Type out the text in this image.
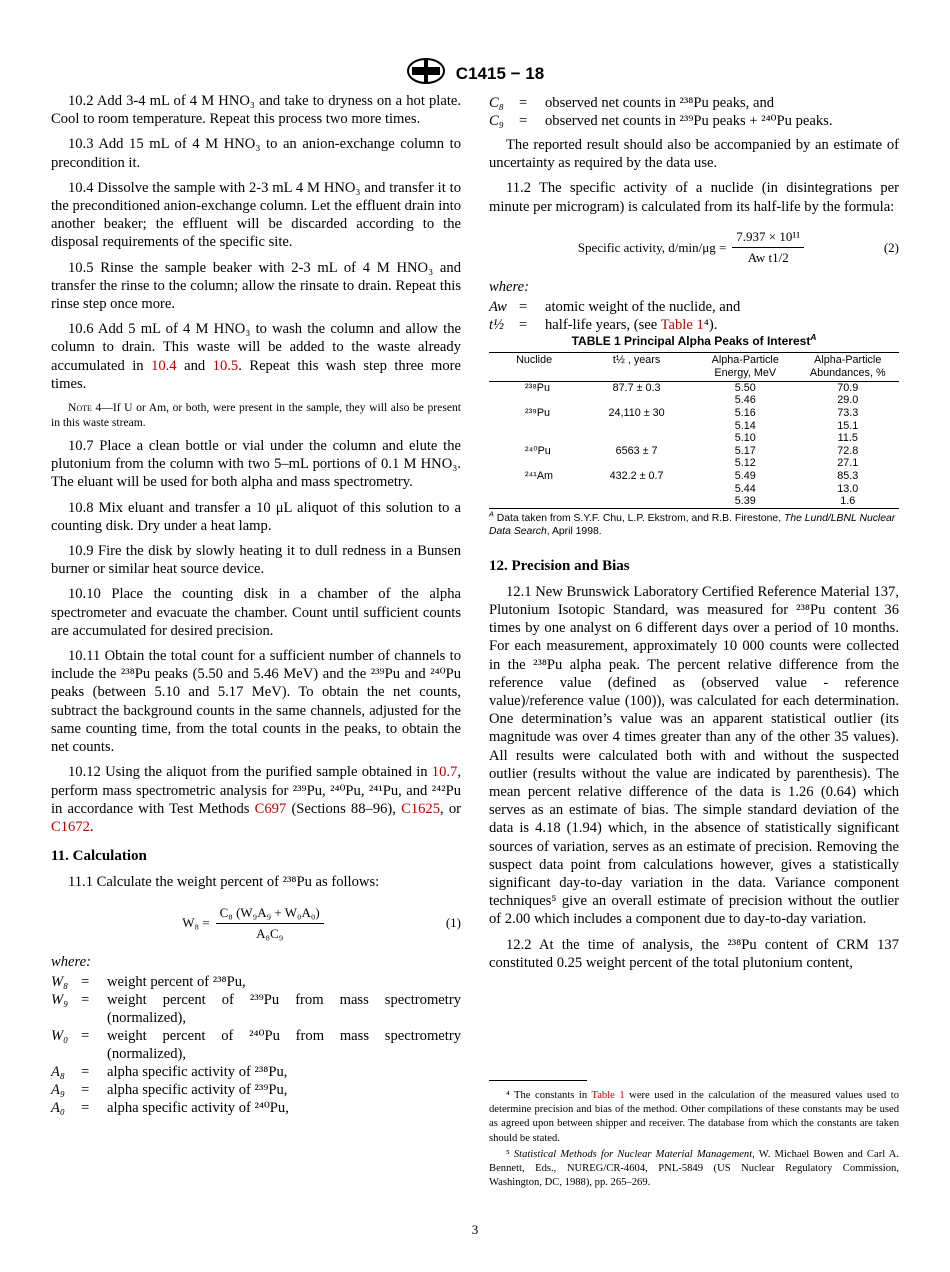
C1415 − 18

10.2 Add 3-4 mL of 4 M HNO₃ and take to dryness on a hot plate. Cool to room temperature. Repeat this process two more times.

10.3 Add 15 mL of 4 M HNO₃ to an anion-exchange column to precondition it.

10.4 Dissolve the sample with 2-3 mL 4 M HNO₃ and transfer it to the preconditioned anion-exchange column. Let the effluent drain into another beaker; the effluent will be discarded according to the disposal requirements of the specific site.

10.5 Rinse the sample beaker with 2-3 mL of 4 M HNO₃ and transfer the rinse to the column; allow the rinsate to drain. Repeat this rinse step once more.

10.6 Add 5 mL of 4 M HNO₃ to wash the column and allow the column to drain. This waste will be added to the waste already accumulated in 10.4 and 10.5. Repeat this wash step three more times.

Note 4—If U or Am, or both, were present in the sample, they will also be present in this waste stream.

10.7 Place a clean bottle or vial under the column and elute the plutonium from the column with two 5–mL portions of 0.1 M HNO₃. The eluant will be used for both alpha and mass spectrometry.

10.8 Mix eluant and transfer a 10 μL aliquot of this solution to a counting disk. Dry under a heat lamp.

10.9 Fire the disk by slowly heating it to dull redness in a Bunsen burner or similar heat source device.

10.10 Place the counting disk in a chamber of the alpha spectrometer and evacuate the chamber. Count until sufficient counts are accumulated for desired precision.

10.11 Obtain the total count for a sufficient number of channels to include the ²³⁸Pu peaks (5.50 and 5.46 MeV) and the ²³⁹Pu and ²⁴⁰Pu peaks (between 5.10 and 5.17 MeV). To obtain the net counts, subtract the background counts in the same channels, adjusted for the same counting time, from the total counts in the peaks, to obtain the net counts.

10.12 Using the aliquot from the purified sample obtained in 10.7, perform mass spectrometric analysis for ²³⁹Pu, ²⁴⁰Pu, ²⁴¹Pu, and ²⁴²Pu in accordance with Test Methods C697 (Sections 88–96), C1625, or C1672.

11. Calculation

11.1 Calculate the weight percent of ²³⁸Pu as follows:

$W_8 = \frac{\text{C₈ (W₉A₉ + W₀A₀)}}{\text{A₈C₉}}$	(1)
where:
W₈ =	weight percent of ²³⁸Pu,
W₉ =	weight percent of ²³⁹Pu from mass spectrometry (normalized),
W₀ =	weight percent of ²⁴⁰Pu from mass spectrometry (normalized),
A₈	=	alpha specific activity of ²³⁸Pu,
A₉	=	alpha specific activity of ²³⁹Pu,
A₀	=	alpha specific activity of ²⁴⁰Pu,
C₈	=	observed net counts in ²³⁸Pu peaks, and
C₉	=	observed net counts in ²³⁹Pu peaks + ²⁴⁰Pu peaks.

The reported result should also be accompanied by an estimate of uncertainty as required by the data use.

11.2 The specific activity of a nuclide (in disintegrations per minute per microgram) is calculated from its half-life by the formula:

Specific activity, $d/\min/\mu g = \frac{\text{7.937 × 10¹¹}}{\text{Aw t1/2}}$	(2)
where:
Aw =	atomic weight of the nuclide, and
t½	=	half-life years, (see Table 1⁴).
TABLE 1 Principal Alpha Peaks of Interest$^A$
Nuclide	t½ , years	Alpha-Particle Energy, MeV	Alpha-Particle Abundances, %
²³⁸Pu	87.7 ± 0.3	5.50	70.9
		5.46	29.0
²³⁹Pu	24,110 ± 30	5.16	73.3
		5.14	15.1
		5.10	11.5
²⁴⁰Pu	6563 ± 7	5.17	72.8
		5.12	27.1
²⁴¹Am	432.2 ± 0.7	5.49	85.3
		5.44	13.0
		5.39	1.6
$^A$ Data taken from S.Y.F. Chu, L.P. Ekstrom, and R.B. Firestone, The Lund/LBNL Nuclear Data Search, April 1998.
12. Precision and Bias

12.1 New Brunswick Laboratory Certified Reference Material 137, Plutonium Isotopic Standard, was measured for ²³⁸Pu content 36 times by one analyst on 6 different days over a period of 10 months. For each measurement, approximately 10 000 counts were collected in the ²³⁸Pu alpha peak. The percent relative difference from the reference value (defined as (observed value - reference value)/reference value (100)), was calculated for each determination. One determination’s value was an apparent statistical outlier (its magnitude was over 4 times greater than any of the other 35 values). All results were calculated both with and without the suspected outlier (results without the value are indicated by parenthesis). The mean percent relative difference of the data is 1.26 (0.64) which serves as an estimate of bias. The simple standard deviation of the data is 4.18 (1.94) which, in the absence of statistically significant sources of variation, serves as an estimate of precision. Removing the suspect data point from calculations however, gives a statistically significant day-to-day variation in the data. Variance component techniques⁵ give an overall estimate of precision without the outlier of 2.00 which includes a component due to day-to-day variation.

12.2 At the time of analysis, the ²³⁸Pu content of CRM 137 constituted 0.25 weight percent of the total plutonium content,

⁴ The constants in Table 1 were used in the calculation of the measured values used to determine precision and bias of the method. Other compilations of these constants may be used as agreed upon between shipper and receiver. The database from which the constants are taken should be stated.

⁵ Statistical Methods for Nuclear Material Management, W. Michael Bowen and Carl A. Bennett, Eds., NUREG/CR-4604, PNL-5849 (US Nuclear Regulatory Commission, Washington, DC, 1988), pp. 265–269.

3
